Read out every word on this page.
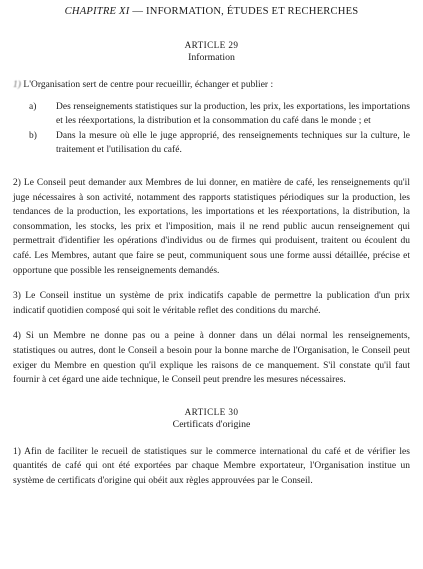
CHAPITRE XI — INFORMATION, ÉTUDES ET RECHERCHES
ARTICLE 29
Information

1) L'Organisation sert de centre pour recueillir, échanger et publier :

a)	Des renseignements statistiques sur la production, les prix, les exportations, les importations et les réexportations, la distribution et la consommation du café dans le monde ; et

b)	Dans la mesure où elle le juge approprié, des renseignements techniques sur la culture, le traitement et l'utilisation du café.

2) Le Conseil peut demander aux Membres de lui donner, en matière de café, les renseignements qu'il juge nécessaires à son activité, notamment des rapports statistiques périodiques sur la production, les tendances de la production, les exportations, les importations et les réexportations, la distribution, la consommation, les stocks, les prix et l'imposition, mais il ne rend public aucun renseignement qui permettrait d'identifier les opérations d'individus ou de firmes qui produisent, traitent ou écoulent du café. Les Membres, autant que faire se peut, communiquent sous une forme aussi détaillée, précise et opportune que possible les renseignements demandés.

3) Le Conseil institue un système de prix indicatifs capable de permettre la publication d'un prix indicatif quotidien composé qui soit le véritable reflet des conditions du marché.

4) Si un Membre ne donne pas ou a peine à donner dans un délai normal les renseignements, statistiques ou autres, dont le Conseil a besoin pour la bonne marche de l'Organisation, le Conseil peut exiger du Membre en question qu'il explique les raisons de ce manquement. S'il constate qu'il faut fournir à cet égard une aide technique, le Conseil peut prendre les mesures nécessaires.

ARTICLE 30
Certificats d'origine

1) Afin de faciliter le recueil de statistiques sur le commerce international du café et de vérifier les quantités de café qui ont été exportées par chaque Membre exportateur, l'Organisation institue un système de certificats d'origine qui obéit aux règles approuvées par le Conseil.
